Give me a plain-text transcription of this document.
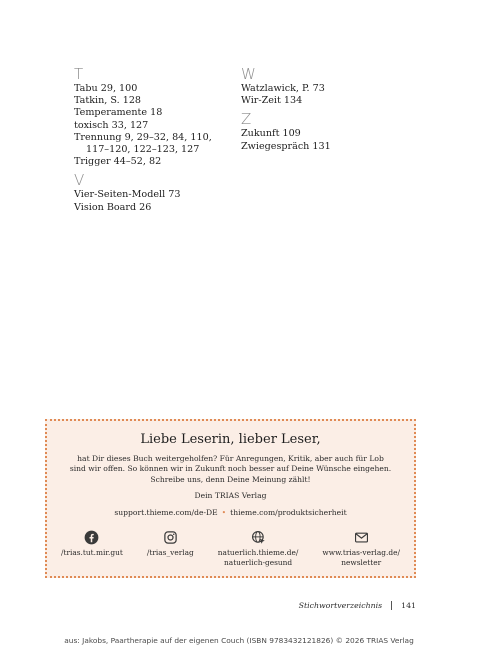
T
Tabu 29, 100
Tatkin, S. 128
Temperamente 18
toxisch 33, 127
Trennung 9, 29–32, 84, 110,
117–120, 122–123, 127
Trigger 44–52, 82
V
Vier-Seiten-Modell 73
Vision Board 26
W
Watzlawick, P. 73
Wir-Zeit 134
Z
Zukunft 109
Zwiegespräch 131
Liebe Leserin, lieber Leser,
hat Dir dieses Buch weitergeholfen? Für Anregungen, Kritik, aber auch für Lob
sind wir offen. So können wir in Zukunft noch besser auf Deine Wünsche eingehen.
Schreibe uns, denn Deine Meinung zählt!
Dein TRIAS Verlag
support.thieme.com/de-DE • thieme.com/produktsicherheit
/trias.tut.mir.gut	/trias_verlag	natuerlich.thieme.de/
natuerlich-gesund
www.trias-verlag.de/
newsletter
Stichwortverzeichnis 141
aus: Jakobs, Paartherapie auf der eigenen Couch (ISBN 9783432121826) © 2026 TRIAS Verlag
